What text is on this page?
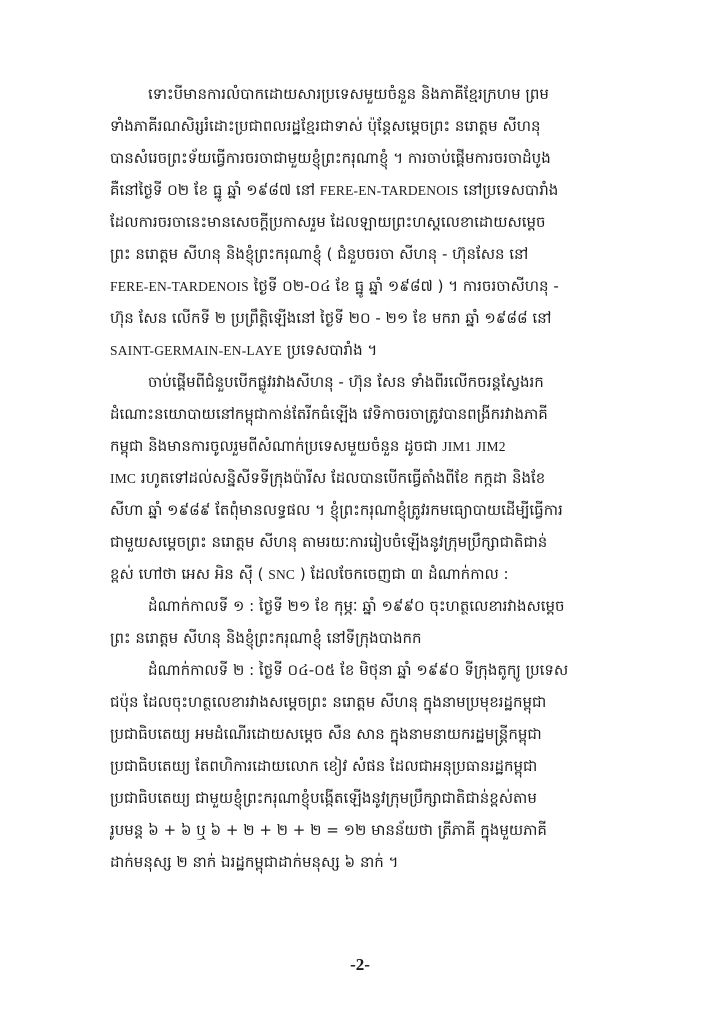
ទោះបីមានការលំបាកដោយសារប្រទេសមួយចំនួន និងភាគីខ្មែរក្រហម ព្រម
ទាំងភាគីរណសិរ្សរំដោះប្រជាពលរដ្ឋខ្មែរជាទាស់ ប៉ុន្តែសម្តេចព្រះ នរោត្តម សីហនុ
បានសំរេចព្រះទ័យធ្វើការចរចាជាមួយខ្ញុំព្រះករុណាខ្ញុំ ។ ការចាប់ផ្តើមការចរចាដំបូង
គឺនៅថ្ងៃទី ០២ ខែ ធ្នូ ឆ្នាំ ១៩៨៧ នៅ FERE-EN-TARDENOIS នៅប្រទេសបារាំង
ដែលការចរចានេះមានសេចក្តីប្រកាសរួម ដែលឡាយព្រះហស្តលេខាដោយសម្តេច
ព្រះ នរោត្តម សីហនុ និងខ្ញុំព្រះករុណាខ្ញុំ ( ជំនួបចរចា សីហនុ - ហ៊ុនសែន នៅ
FERE-EN-TARDENOIS ថ្ងៃទី ០២-០៤ ខែ ធ្នូ ឆ្នាំ ១៩៨៧ ) ។ ការចរចាសីហនុ -
ហ៊ុន សែន លើកទី ២ ប្រព្រឹត្តិឡើងនៅ ថ្ងៃទី ២០ - ២១ ខែ មករា ឆ្នាំ ១៩៨៨ នៅ
SAINT-GERMAIN-EN-LAYE ប្រទេសបារាំង ។
ចាប់ផ្តើមពីជំនួបបើកផ្លូវរវាងសីហនុ - ហ៊ុន សែន ទាំងពីរលើកចរន្តស្វែងរក
ដំណោះនយោបាយនៅកម្ពុជាកាន់តែរីកធំឡើង វេទិកាចរចាត្រូវបានពង្រីករវាងភាគី
កម្ពុជា និងមានការចូលរួមពីសំណាក់ប្រទេសមួយចំនួន ដូចជា JIM1 JIM2
IMC រហូតទៅដល់សន្និសីទទីក្រុងប៉ារីស ដែលបានបើកធ្វើតាំងពីខែ កក្កដា និងខែ
សីហា ឆ្នាំ ១៩៨៩ តែពុំមានលទ្ធផល ។ ខ្ញុំព្រះករុណាខ្ញុំត្រូវរកមធ្យោបាយដើម្បីធ្វើការ
ជាមួយសម្តេចព្រះ នរោត្តម សីហនុ តាមរយៈការរៀបចំឡើងនូវក្រុមប្រឹក្សាជាតិជាន់
ខ្ពស់ ហៅថា អេស អិន ស៊ី ( SNC ) ដែលចែកចេញជា ៣ ដំណាក់កាល :
ដំណាក់កាលទី ១ : ថ្ងៃទី ២១ ខែ កុម្ភៈ ឆ្នាំ ១៩៩០ ចុះហត្ថលេខារវាងសម្តេច
ព្រះ នរោត្តម សីហនុ និងខ្ញុំព្រះករុណាខ្ញុំ នៅទីក្រុងបាងកក
ដំណាក់កាលទី ២ : ថ្ងៃទី ០៤-០៥ ខែ មិថុនា ឆ្នាំ ១៩៩០ ទីក្រុងតូក្យូ ប្រទេស
ជប៉ុន ដែលចុះហត្ថលេខារវាងសម្តេចព្រះ នរោត្តម សីហនុ ក្នុងនាមប្រមុខរដ្ឋកម្ពុជា
ប្រជាធិបតេយ្យ អមដំណើរដោយសម្តេច សឺន សាន ក្នុងនាមនាយករដ្ឋមន្ត្រីកម្ពុជា
ប្រជាធិបតេយ្យ តែពហិការដោយលោក ខៀវ សំផន ដែលជាអនុប្រធានរដ្ឋកម្ពុជា
ប្រជាធិបតេយ្យ ជាមួយខ្ញុំព្រះករុណាខ្ញុំបង្កើតឡើងនូវក្រុមប្រឹក្សាជាតិជាន់ខ្ពស់តាម
រូបមន្ត ៦ + ៦ ឬ ៦ + ២ + ២ + ២ = ១២ មានន័យថា ត្រីភាគី ក្នុងមួយភាគី
ដាក់មនុស្ស ២ នាក់ ឯរដ្ឋកម្ពុជាដាក់មនុស្ស ៦ នាក់ ។
-2-
